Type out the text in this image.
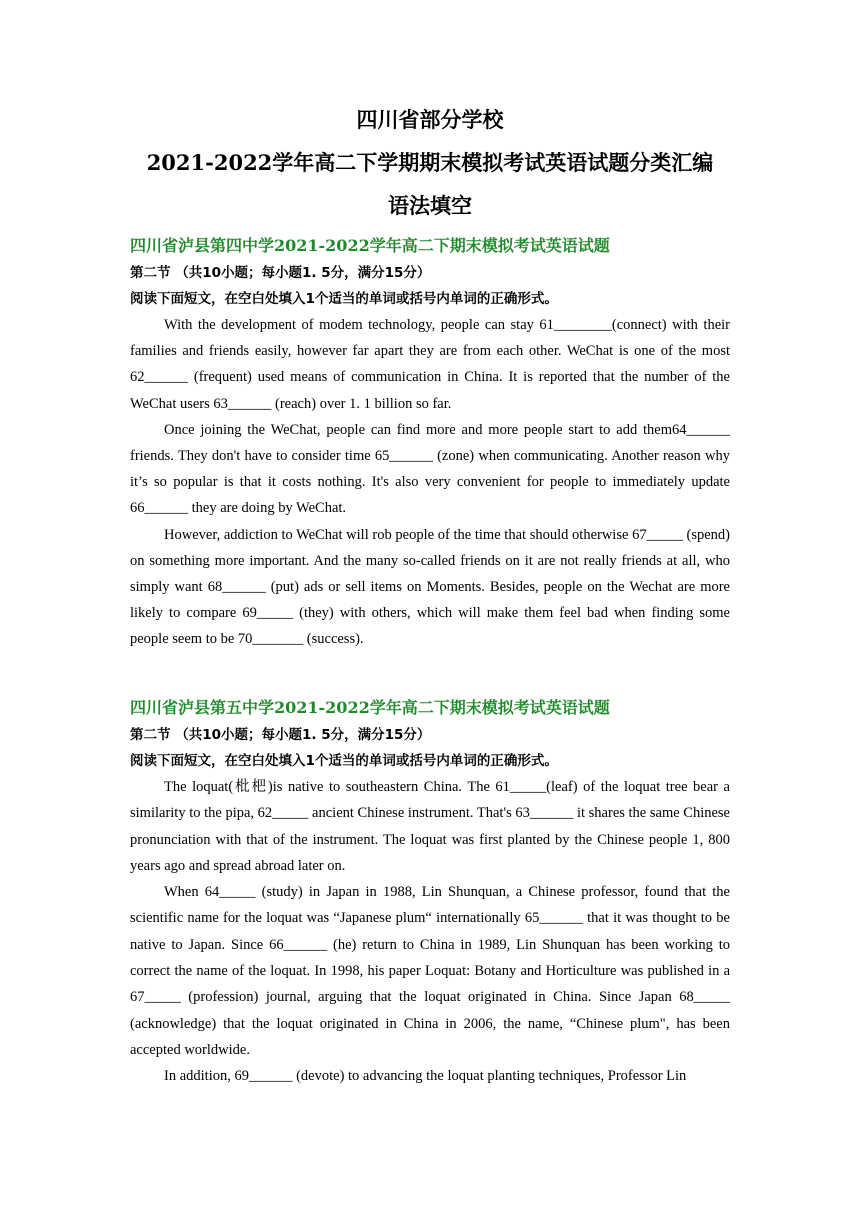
四川省部分学校
2021-2022学年高二下学期期末模拟考试英语试题分类汇编
语法填空

四川省泸县第四中学2021-2022学年高二下期末模拟考试英语试题

第二节 （共10小题；每小题1. 5分，满分15分）

阅读下面短文，在空白处填入1个适当的单词或括号内单词的正确形式。

With the development of modem technology, people can stay 61________(connect) with their families and friends easily, however far apart they are from each other. WeChat is one of the most 62______ (frequent) used means of communication in China. It is reported that the number of the WeChat users 63______ (reach) over 1. 1 billion so far.

Once joining the WeChat, people can find more and more people start to add them64______ friends. They don't have to consider time 65______ (zone) when communicating. Another reason why it’s so popular is that it costs nothing. It's also very convenient for people to immediately update 66______ they are doing by WeChat.

However, addiction to WeChat will rob people of the time that should otherwise 67_____ (spend) on something more important. And the many so-called friends on it are not really friends at all, who simply want 68______ (put) ads or sell items on Moments. Besides, people on the Wechat are more likely to compare 69_____ (they) with others, which will make them feel bad when finding some people seem to be 70_______ (success).

四川省泸县第五中学2021-2022学年高二下期末模拟考试英语试题

第二节 （共10小题；每小题1. 5分，满分15分）

阅读下面短文，在空白处填入1个适当的单词或括号内单词的正确形式。

The loquat(枇杷)is native to southeastern China. The 61_____(leaf) of the loquat tree bear a similarity to the pipa, 62_____ ancient Chinese instrument. That's 63______ it shares the same Chinese pronunciation with that of the instrument. The loquat was first planted by the Chinese people 1, 800 years ago and spread abroad later on.

When 64_____ (study) in Japan in 1988, Lin Shunquan, a Chinese professor, found that the scientific name for the loquat was “Japanese plum“ internationally 65______ that it was thought to be native to Japan. Since 66______ (he) return to China in 1989, Lin Shunquan has been working to correct the name of the loquat. In 1998, his paper Loquat: Botany and Horticulture was published in a 67_____ (profession) journal, arguing that the loquat originated in China. Since Japan 68_____ (acknowledge) that the loquat originated in China in 2006, the name, “Chinese plum", has been accepted worldwide.

In addition, 69______ (devote) to advancing the loquat planting techniques, Professor Lin
